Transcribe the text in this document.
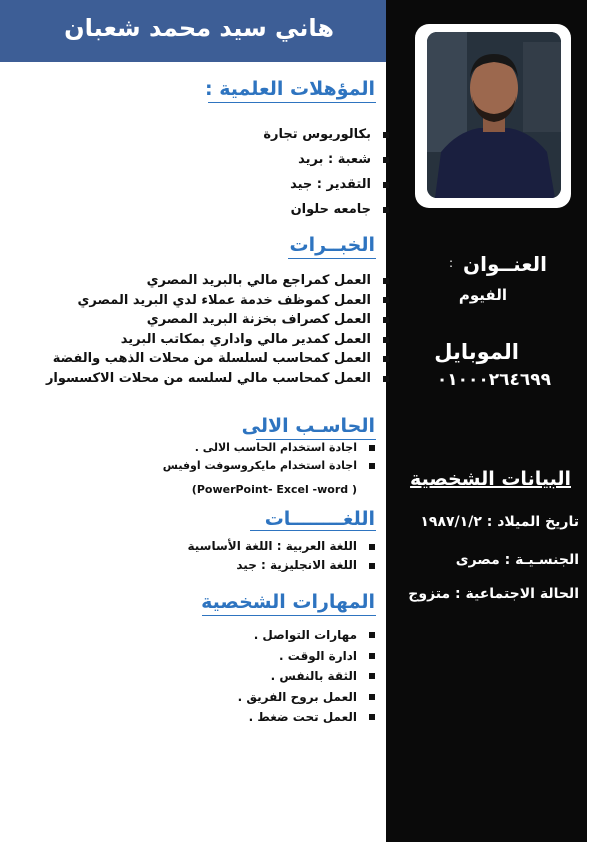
هاني سيد محمد شعبان
العنــوان
:
الفيوم
الموبايل
٠١٠٠٠٢٦٤٦٩٩
البيانات الشخصية
تاريخ الميلاد : ١٩٨٧/١/٢
الجنسـيـة : مصرى
الحالة الاجتماعية : متزوج
المؤهلات العلمية :
بكالوريوس تجارة
شعبة : بريد
التقدير : جيد
جامعه حلوان
الخبــرات
العمل كمراجع مالي بالبريد المصري
العمل كموظف خدمة عملاء لدي البريد المصري
العمل كصراف بخزنة البريد المصري
العمل كمدير مالي واداري بمكاتب البريد
العمل كمحاسب لسلسلة من محلات الذهب والفضة
العمل كمحاسب مالي لسلسه من محلات الاكسسوار
الحاسـب الالى
اجادة استخدام الحاسب الالى .
اجادة استخدام مايكروسوفت اوفيس
(PowerPoint- Excel -word )
اللغــــــــات
اللغة العربية : اللغة الأساسية
اللغة الانجليزية : جيد
المهارات الشخصية
مهارات التواصل .
ادارة الوقت .
الثقة بالنفس .
العمل بروح الفريق .
العمل تحت ضغط .
